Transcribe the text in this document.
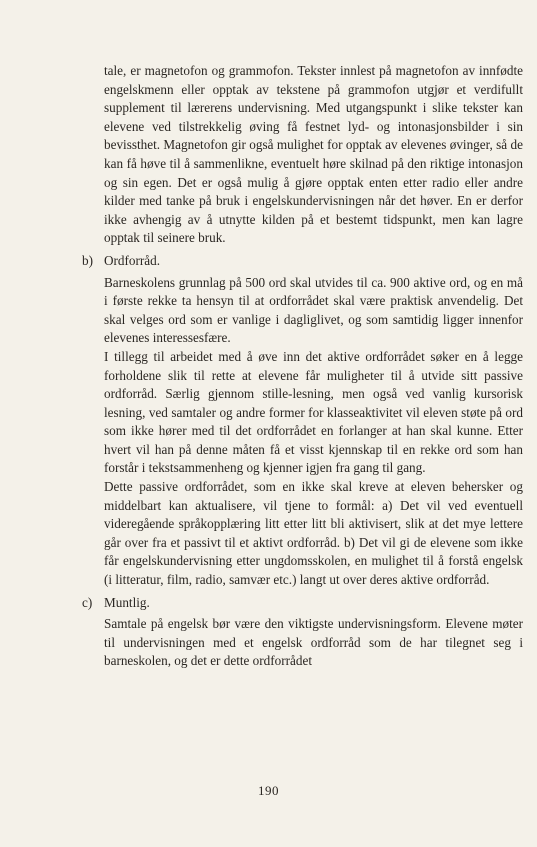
tale, er magnetofon og grammofon. Tekster innlest på magnetofon av innfødte engelskmenn eller opptak av tekstene på grammofon utgjør et verdifullt supplement til lærerens undervisning. Med utgangspunkt i slike tekster kan elevene ved tilstrekkelig øving få festnet lyd- og intonasjonsbilder i sin bevissthet. Magnetofon gir også mulighet for opptak av elevenes øvinger, så de kan få høve til å sammenlikne, eventuelt høre skilnad på den riktige intonasjon og sin egen. Det er også mulig å gjøre opptak enten etter radio eller andre kilder med tanke på bruk i engelskundervisningen når det høver. En er derfor ikke avhengig av å utnytte kilden på et bestemt tidspunkt, men kan lagre opptak til seinere bruk.

b) Ordforråd.

Barneskolens grunnlag på 500 ord skal utvides til ca. 900 aktive ord, og en må i første rekke ta hensyn til at ordforrådet skal være praktisk anvendelig. Det skal velges ord som er vanlige i dagliglivet, og som samtidig ligger innenfor elevenes interessesfære.

I tillegg til arbeidet med å øve inn det aktive ordforrådet søker en å legge forholdene slik til rette at elevene får muligheter til å utvide sitt passive ordforråd. Særlig gjennom stille-lesning, men også ved vanlig kursorisk lesning, ved samtaler og andre former for klasseaktivitet vil eleven støte på ord som ikke hører med til det ordforrådet en forlanger at han skal kunne. Etter hvert vil han på denne måten få et visst kjennskap til en rekke ord som han forstår i tekstsammenheng og kjenner igjen fra gang til gang.

Dette passive ordforrådet, som en ikke skal kreve at eleven behersker og middelbart kan aktualisere, vil tjene to formål: a) Det vil ved eventuell videregående språkopplæring litt etter litt bli aktivisert, slik at det mye lettere går over fra et passivt til et aktivt ordforråd. b) Det vil gi de elevene som ikke får engelskundervisning etter ungdomsskolen, en mulighet til å forstå engelsk (i litteratur, film, radio, samvær etc.) langt ut over deres aktive ordforråd.

c) Muntlig.

Samtale på engelsk bør være den viktigste undervisningsform. Elevene møter til undervisningen med et engelsk ordforråd som de har tilegnet seg i barneskolen, og det er dette ordforrådet

190
